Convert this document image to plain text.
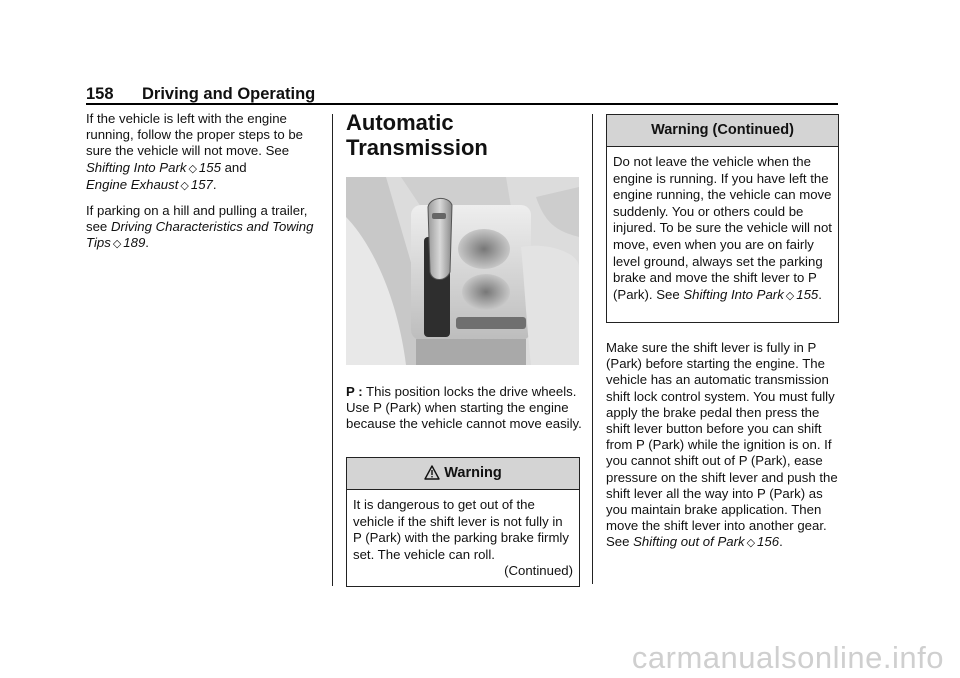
158 Driving and Operating

If the vehicle is left with the engine running, follow the proper steps to be sure the vehicle will not move. See Shifting Into Park ◇ 155 and
Engine Exhaust ◇ 157.

If parking on a hill and pulling a trailer, see Driving Characteristics and Towing Tips ◇ 189.

Automatic
Transmission

P : This position locks the drive wheels. Use P (Park) when starting the engine because the vehicle cannot move easily.

Warning

It is dangerous to get out of the vehicle if the shift lever is not fully in P (Park) with the parking brake firmly set. The vehicle can roll.

(Continued)

Warning (Continued)

Do not leave the vehicle when the engine is running. If you have left the engine running, the vehicle can move suddenly. You or others could be injured. To be sure the vehicle will not move, even when you are on fairly level ground, always set the parking brake and move the shift lever to P (Park). See Shifting Into Park ◇ 155.

Make sure the shift lever is fully in P (Park) before starting the engine. The vehicle has an automatic transmission shift lock control system. You must fully apply the brake pedal then press the shift lever button before you can shift from P (Park) while the ignition is on. If you cannot shift out of P (Park), ease pressure on the shift lever and push the shift lever all the way into P (Park) as you maintain brake application. Then move the shift lever into another gear. See Shifting out of Park ◇ 156.

carmanualsonline.info
